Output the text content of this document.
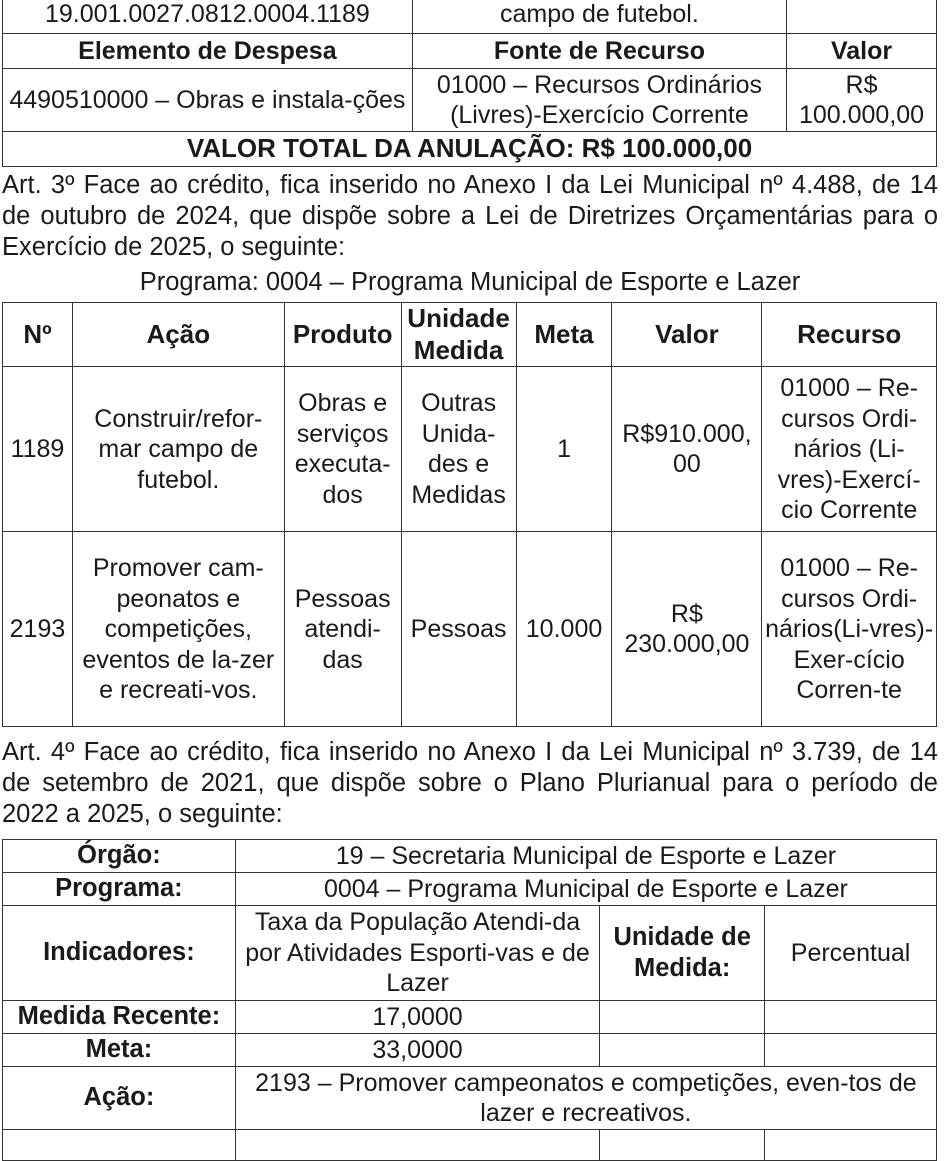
19.001.0027.0812.0004.1189	campo de futebol.	
Elemento de Despesa	Fonte de Recurso	Valor
4490510000 – Obras e instala-ções	01000 – Recursos Ordinários (Livres)-Exercício Corrente	R$ 100.000,00
VALOR TOTAL DA ANULAÇÃO: R$ 100.000,00		
Art. 3º Face ao crédito, fica inserido no Anexo I da Lei Municipal nº 4.488, de 14 de outubro de 2024, que dispõe sobre a Lei de Diretrizes Orçamentárias para o Exercício de 2025, o seguinte:
Programa: 0004 – Programa Municipal de Esporte e Lazer
Nº	Ação	Produto	Unidade Medida	Meta	Valor	Recurso
1189	Construir/refor-mar campo de futebol.	Obras e serviços executa-dos	Outras Unida-des e Medidas	1	R$910.000, 00	01000 – Re-cursos Ordi-nários (Li-vres)-Exercí-cio Corrente
2193	Promover cam-peonatos e competições, eventos de la-zer e recreati-vos.	Pessoas atendi-das	Pessoas	10.000	R$ 230.000,00	01000 – Re-cursos Ordi-nários(Li-vres)- Exer-cício Corren-te
Art. 4º Face ao crédito, fica inserido no Anexo I da Lei Municipal nº 3.739, de 14 de setembro de 2021, que dispõe sobre o Plano Plurianual para o período de 2022 a 2025, o seguinte:
Órgão:	19 – Secretaria Municipal de Esporte e Lazer		
Programa:	0004 – Programa Municipal de Esporte e Lazer		
Indicadores:	Taxa da População Atendi-da por Atividades Esporti-vas e de Lazer	Unidade de Medida:	Percentual
Medida Recente:	17,0000		
Meta:	33,0000		
Ação:	2193 – Promover campeonatos e competições, even-tos de lazer e recreativos.		
